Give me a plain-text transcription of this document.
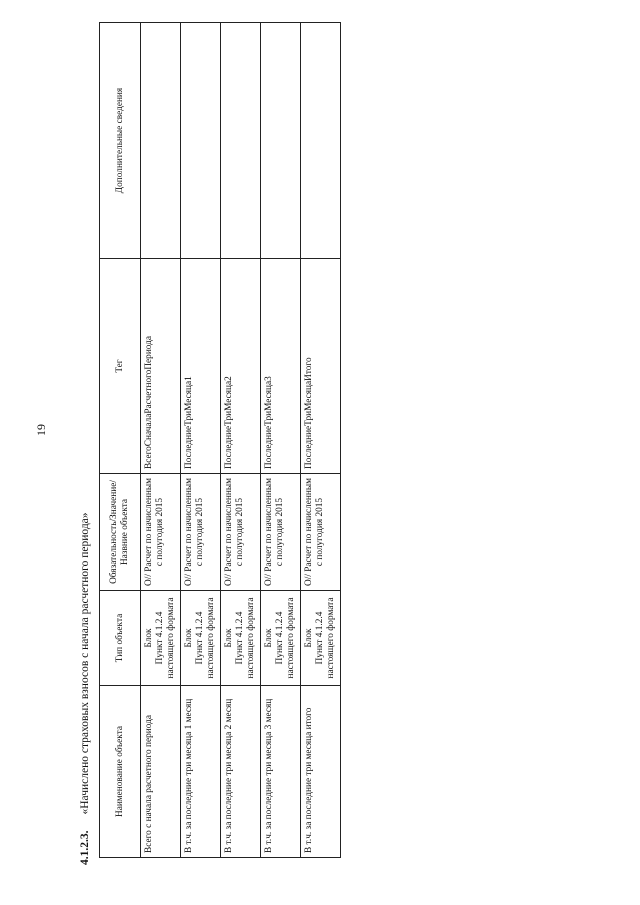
19
4.1.2.3.«Начислено страховых взносов с начала расчетного периода»	Наименование объекта	Тип объекта	Обязательность/Значение/Назвние объекта	Тег	Дополнительные сведения
Всего с начала расчетного периода	Блок
Пункт 4.1.2.4
настоящего формата	О// Расчет по начисленным с полугодия 2015	ВсегоСначалаРасчетногоПериода	
В т.ч. за последние три месяца 1 месяц	Блок
Пункт 4.1.2.4
настоящего формата	О// Расчет по начисленным с полугодия 2015	ПоследниеТриМесяца1	
В т.ч. за последние три месяца 2 месяц	Блок
Пункт 4.1.2.4
настоящего формата	О// Расчет по начисленным с полугодия 2015	ПоследниеТриМесяца2	
В т.ч. за последние три месяца 3 месяц	Блок
Пункт 4.1.2.4
настоящего формата	О// Расчет по начисленным с полугодия 2015	ПоследниеТриМесяца3	
В т.ч. за последние три месяца итого	Блок
Пункт 4.1.2.4
настоящего формата	О// Расчет по начисленным с полугодия 2015	ПоследниеТриМесяцаИтого	
